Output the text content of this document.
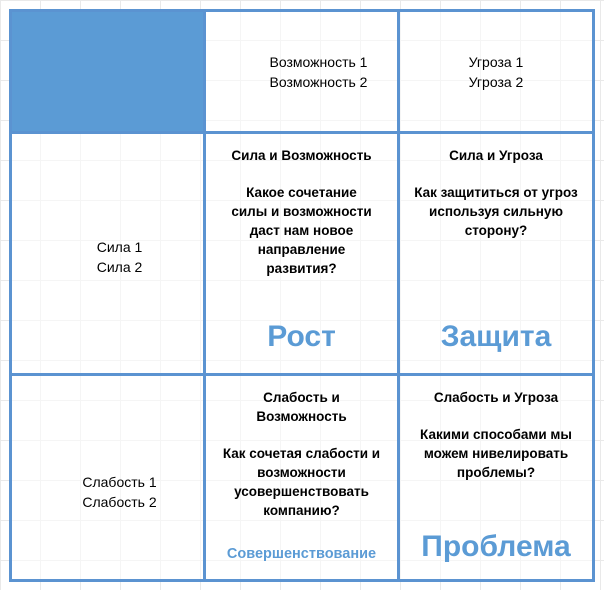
Возможность 1
Возможность 2
Угроза 1
Угроза 2
Сила 1
Сила 2
Сила и Возможность
Какое сочетание силы и возможности даст нам новое направление развития?
Рост
Сила и Угроза
Как защититься от угроз используя сильную сторону?
Защита
Слабость 1
Слабость 2
Слабость и Возможность
Как сочетая слабости и возможности усовершенствовать компанию?
Совершенствование
Слабость и Угроза
Какими способами мы можем нивелировать проблемы?
Проблема
